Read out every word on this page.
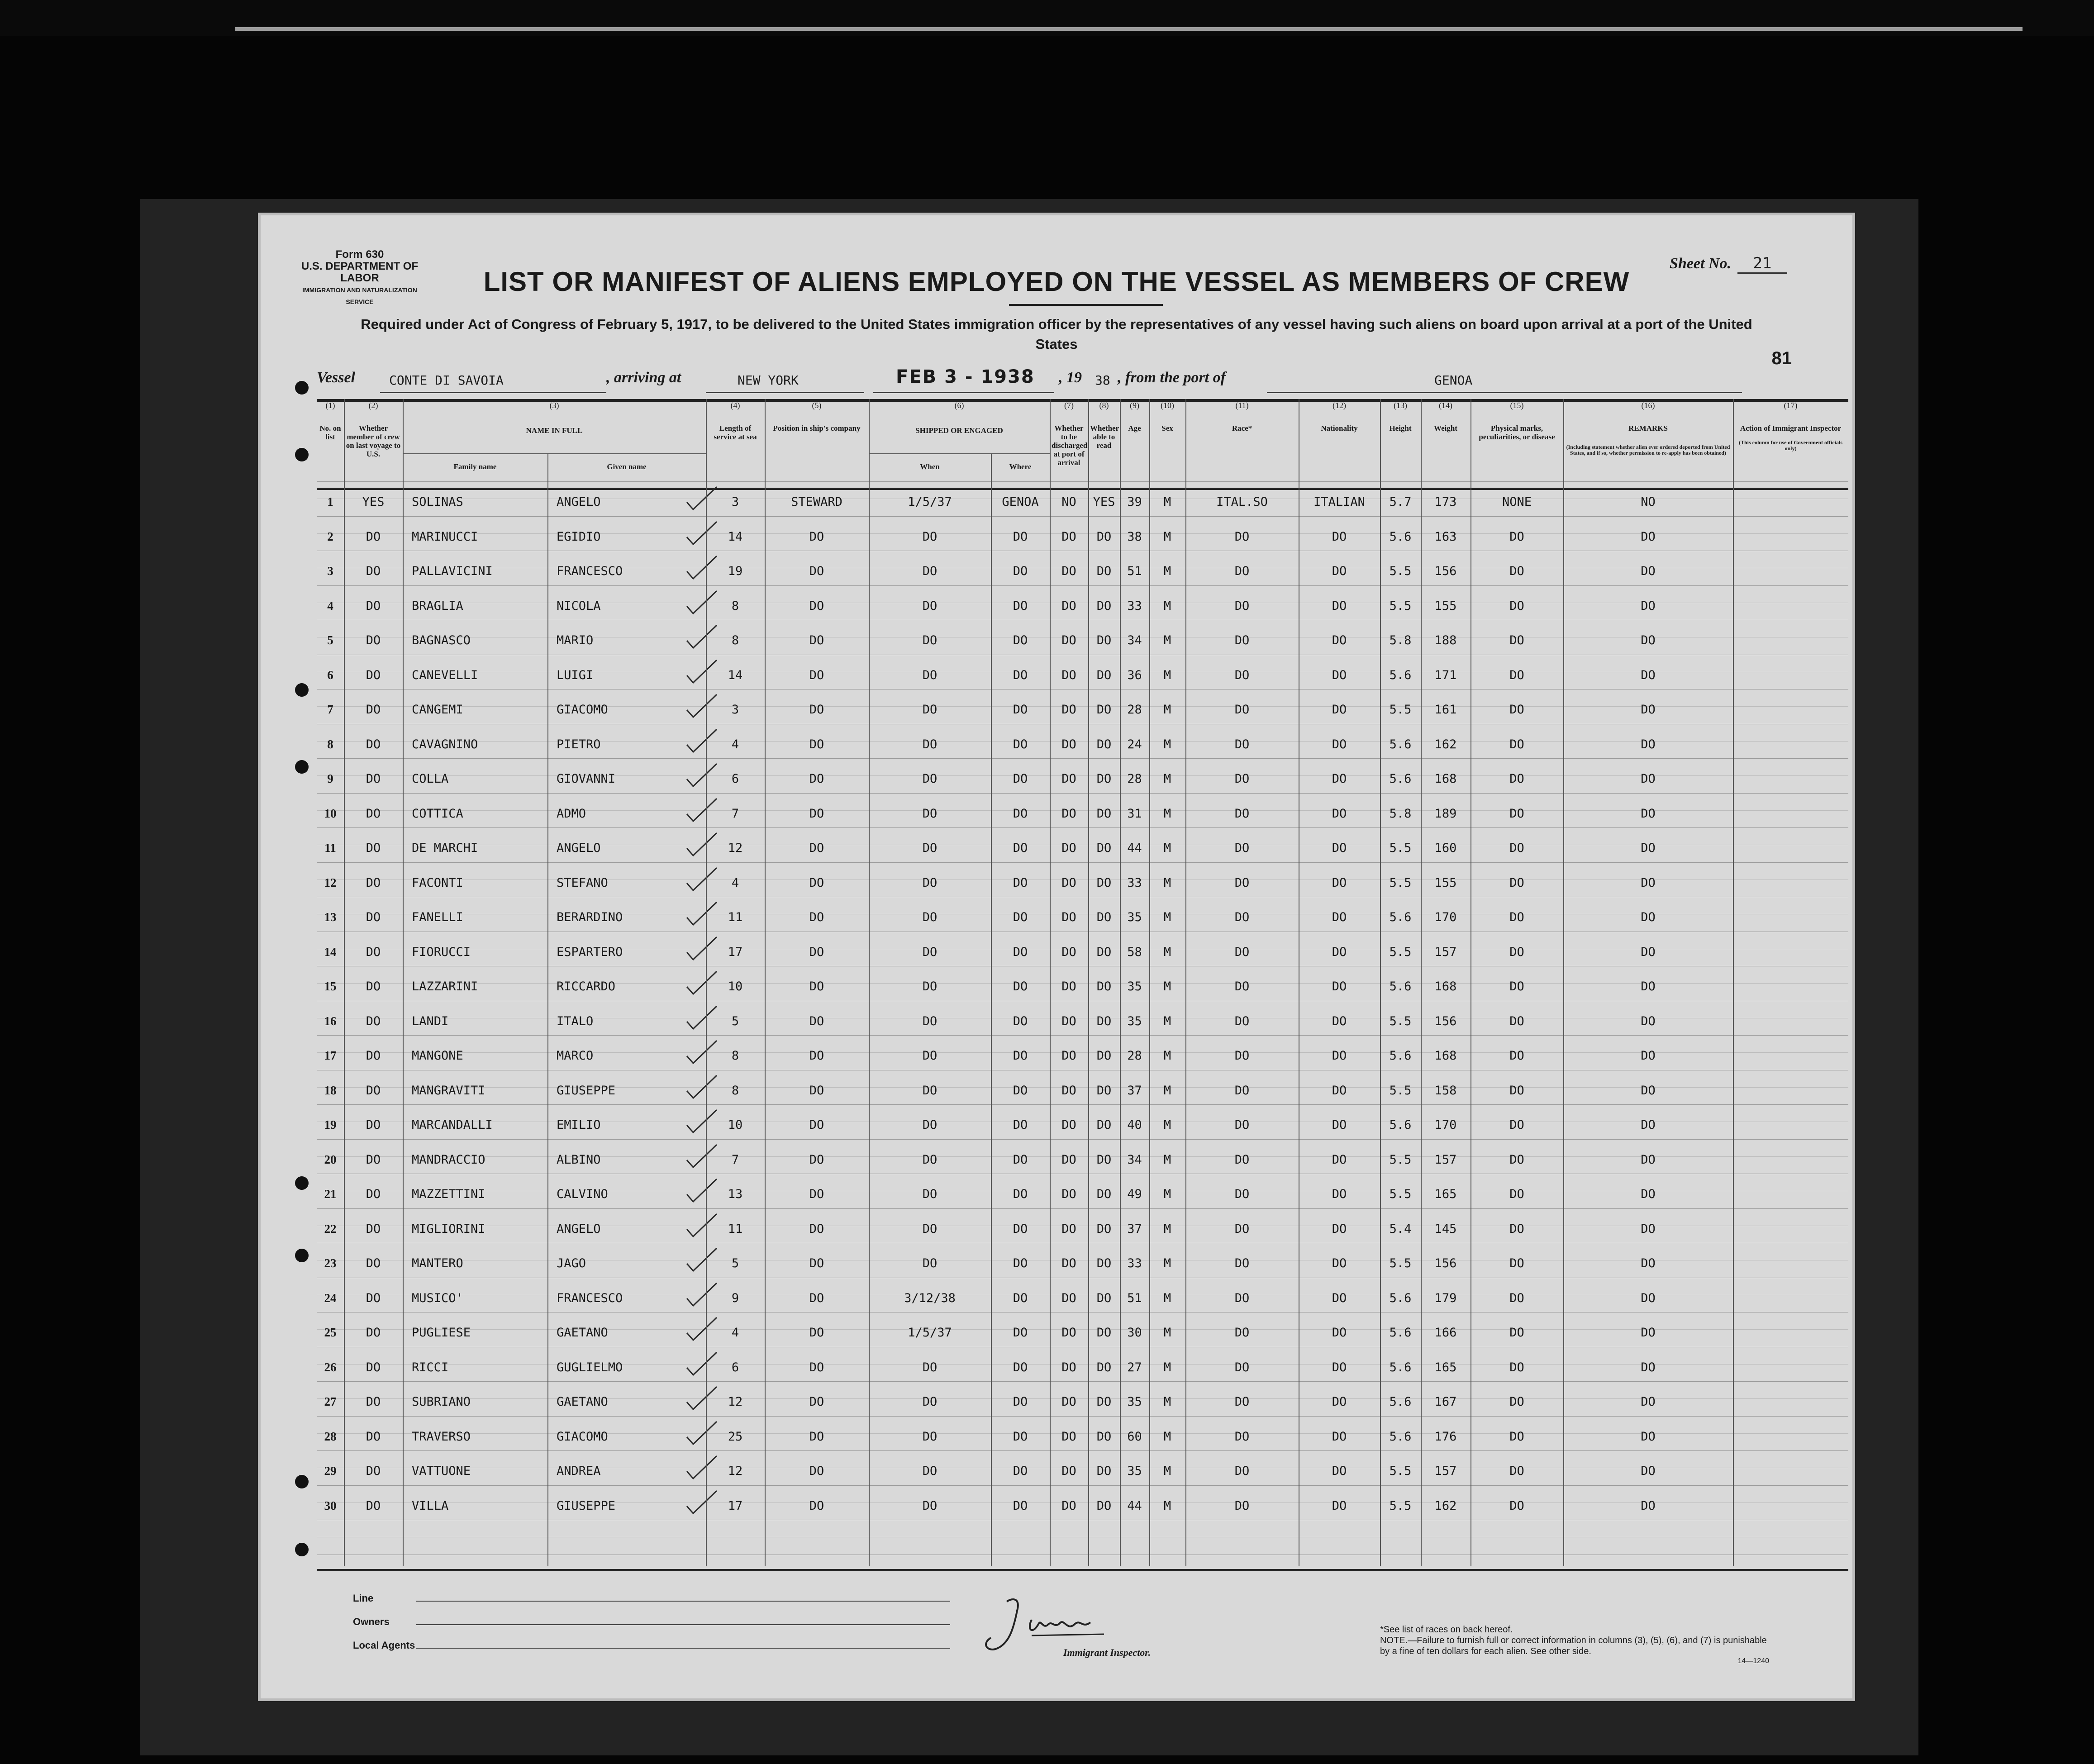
Form 630
U.S. DEPARTMENT OF LABOR
IMMIGRATION AND NATURALIZATION SERVICE
Sheet No. 21
LIST OR MANIFEST OF ALIENS EMPLOYED ON THE VESSEL AS MEMBERS OF CREW
Required under Act of Congress of February 5, 1917, to be delivered to the United States immigration officer by the representatives of any vessel having such aliens on board upon arrival at a port of the United States
81
Vessel	CONTE DI SAVOIA	, arriving at	NEW YORK	FEB 3 - 1938 , 19 38 , from the port of	GENOA
1	YES	SOLINAS	ANGELO	3	STEWARD	1/5/37	GENOA	NO	YES 39	M	ITAL.SO	ITALIAN	5.7	173	NONE	NO
2	DO	MARINUCCI	EGIDIO	14	DO	DO	DO	DO	DO	38	M	DO	DO	5.6	163	DO	DO
3	DO	PALLAVICINI	FRANCESCO	19	DO	DO	DO	DO	DO	51	M	DO	DO	5.5	156	DO	DO
4	DO	BRAGLIA	NICOLA	8	DO	DO	DO	DO	DO	33	M	DO	DO	5.5	155	DO	DO
5	DO	BAGNASCO	MARIO	8	DO	DO	DO	DO	DO	34	M	DO	DO	5.8	188	DO	DO
6	DO	CANEVELLI	LUIGI	14	DO	DO	DO	DO	DO	36	M	DO	DO	5.6	171	DO	DO
7	DO	CANGEMI	GIACOMO	3	DO	DO	DO	DO	DO	28	M	DO	DO	5.5	161	DO	DO
8	DO	CAVAGNINO	PIETRO	4	DO	DO	DO	DO	DO	24	M	DO	DO	5.6	162	DO	DO
9	DO	COLLA	GIOVANNI	6	DO	DO	DO	DO	DO	28	M	DO	DO	5.6	168	DO	DO
10	DO	COTTICA	ADMO	7	DO	DO	DO	DO	DO	31	M	DO	DO	5.8	189	DO	DO
11	DO	DE MARCHI	ANGELO	12	DO	DO	DO	DO	DO	44	M	DO	DO	5.5	160	DO	DO
12	DO	FACONTI	STEFANO	4	DO	DO	DO	DO	DO	33	M	DO	DO	5.5	155	DO	DO
13	DO	FANELLI	BERARDINO	11	DO	DO	DO	DO	DO	35	M	DO	DO	5.6	170	DO	DO
14	DO	FIORUCCI	ESPARTERO	17	DO	DO	DO	DO	DO	58	M	DO	DO	5.5	157	DO	DO
15	DO	LAZZARINI	RICCARDO	10	DO	DO	DO	DO	DO	35	M	DO	DO	5.6	168	DO	DO
16	DO	LANDI	ITALO	5	DO	DO	DO	DO	DO	35	M	DO	DO	5.5	156	DO	DO
17	DO	MANGONE	MARCO	8	DO	DO	DO	DO	DO	28	M	DO	DO	5.6	168	DO	DO
18	DO	MANGRAVITI	GIUSEPPE	8	DO	DO	DO	DO	DO	37	M	DO	DO	5.5	158	DO	DO
19	DO	MARCANDALLI	EMILIO	10	DO	DO	DO	DO	DO	40	M	DO	DO	5.6	170	DO	DO
20	DO	MANDRACCIO	ALBINO	7	DO	DO	DO	DO	DO	34	M	DO	DO	5.5	157	DO	DO
21	DO	MAZZETTINI	CALVINO	13	DO	DO	DO	DO	DO	49	M	DO	DO	5.5	165	DO	DO
22	DO	MIGLIORINI	ANGELO	11	DO	DO	DO	DO	DO	37	M	DO	DO	5.4	145	DO	DO
23	DO	MANTERO	JAGO	5	DO	DO	DO	DO	DO	33	M	DO	DO	5.5	156	DO	DO
24	DO	MUSICO'	FRANCESCO	9	DO	3/12/38	DO	DO	DO	51	M	DO	DO	5.6	179	DO	DO
25	DO	PUGLIESE	GAETANO	4	DO	1/5/37	DO	DO	DO	30	M	DO	DO	5.6	166	DO	DO
26	DO	RICCI	GUGLIELMO	6	DO	DO	DO	DO	DO	27	M	DO	DO	5.6	165	DO	DO
27	DO	SUBRIANO	GAETANO	12	DO	DO	DO	DO	DO	35	M	DO	DO	5.6	167	DO	DO
28	DO	TRAVERSO	GIACOMO	25	DO	DO	DO	DO	DO	60	M	DO	DO	5.6	176	DO	DO
29	DO	VATTUONE	ANDREA	12	DO	DO	DO	DO	DO	35	M	DO	DO	5.5	157	DO	DO
30	DO	VILLA	GIUSEPPE	17	DO	DO	DO	DO	DO	44	M	DO	DO	5.5	162	DO	DO
(1)
No. on list
(2)
Whether member of crew on last voyage to U.S.
(3)
NAME IN FULL
(4)
Length of service at sea
(5)
Position in ship's company
(6)
SHIPPED OR ENGAGED
(7)
Whether to be discharged at port of arrival
(8)
Whether able to read
(9)
Age
(10)
Sex
(11)
Race*
(12)
Nationality
(13)
Height
(14)
Weight
(15)
Physical marks, peculiarities, or disease
(16)
REMARKS
(17)
Action of Immigrant Inspector
Family name	Given name	When	Where
(Including statement whether alien ever ordered deported from United States, and if so, whether permission to re-apply has been obtained)
(This column for use of Government officials only)
Line
Owners
Local Agents
Immigrant Inspector.
*See list of races on back hereof.
NOTE.—Failure to furnish full or correct information in columns (3), (5), (6), and (7) is punishable by a fine of ten dollars for each alien. See other side.
14—1240
